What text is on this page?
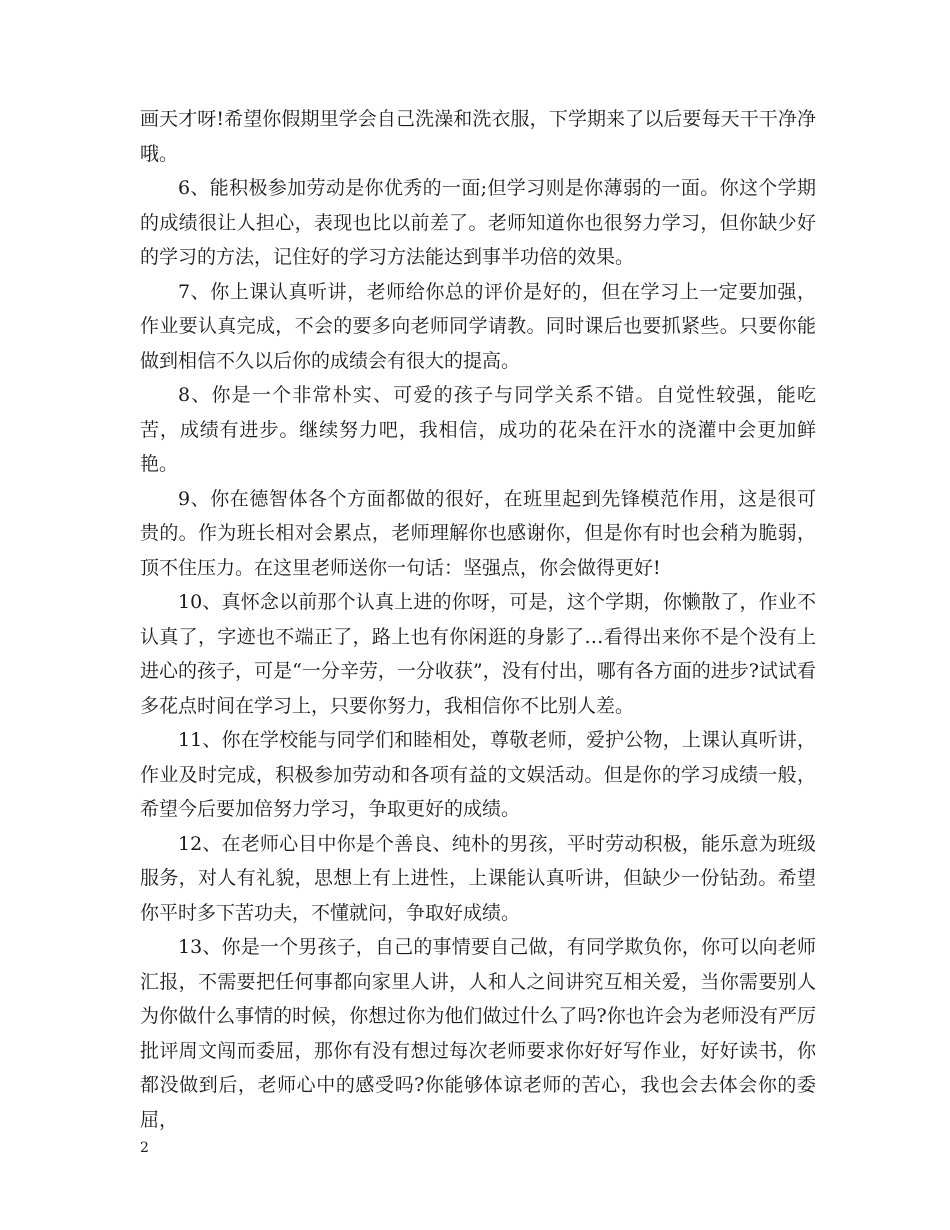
画天才呀!希望你假期里学会自己洗澡和洗衣服，下学期来了以后要每天干干净净哦。

6、能积极参加劳动是你优秀的一面;但学习则是你薄弱的一面。你这个学期的成绩很让人担心，表现也比以前差了。老师知道你也很努力学习，但你缺少好的学习的方法，记住好的学习方法能达到事半功倍的效果。

7、你上课认真听讲，老师给你总的评价是好的，但在学习上一定要加强，作业要认真完成，不会的要多向老师同学请教。同时课后也要抓紧些。只要你能做到相信不久以后你的成绩会有很大的提高。

8、你是一个非常朴实、可爱的孩子与同学关系不错。自觉性较强，能吃苦，成绩有进步。继续努力吧，我相信，成功的花朵在汗水的浇灌中会更加鲜艳。

9、你在德智体各个方面都做的很好，在班里起到先锋模范作用，这是很可贵的。作为班长相对会累点，老师理解你也感谢你，但是你有时也会稍为脆弱，顶不住压力。在这里老师送你一句话：坚强点，你会做得更好!

10、真怀念以前那个认真上进的你呀，可是，这个学期，你懒散了，作业不认真了，字迹也不端正了，路上也有你闲逛的身影了…看得出来你不是个没有上进心的孩子，可是“一分辛劳，一分收获”，没有付出，哪有各方面的进步?试试看多花点时间在学习上，只要你努力，我相信你不比别人差。

11、你在学校能与同学们和睦相处，尊敬老师，爱护公物，上课认真听讲，作业及时完成，积极参加劳动和各项有益的文娱活动。但是你的学习成绩一般，希望今后要加倍努力学习，争取更好的成绩。

12、在老师心目中你是个善良、纯朴的男孩，平时劳动积极，能乐意为班级服务，对人有礼貌，思想上有上进性，上课能认真听讲，但缺少一份钻劲。希望你平时多下苦功夫，不懂就问，争取好成绩。

13、你是一个男孩子，自己的事情要自己做，有同学欺负你，你可以向老师汇报，不需要把任何事都向家里人讲，人和人之间讲究互相关爱，当你需要别人为你做什么事情的时候，你想过你为他们做过什么了吗?你也许会为老师没有严厉批评周文闯而委屈，那你有没有想过每次老师要求你好好写作业，好好读书，你都没做到后，老师心中的感受吗?你能够体谅老师的苦心，我也会去体会你的委屈，

2
